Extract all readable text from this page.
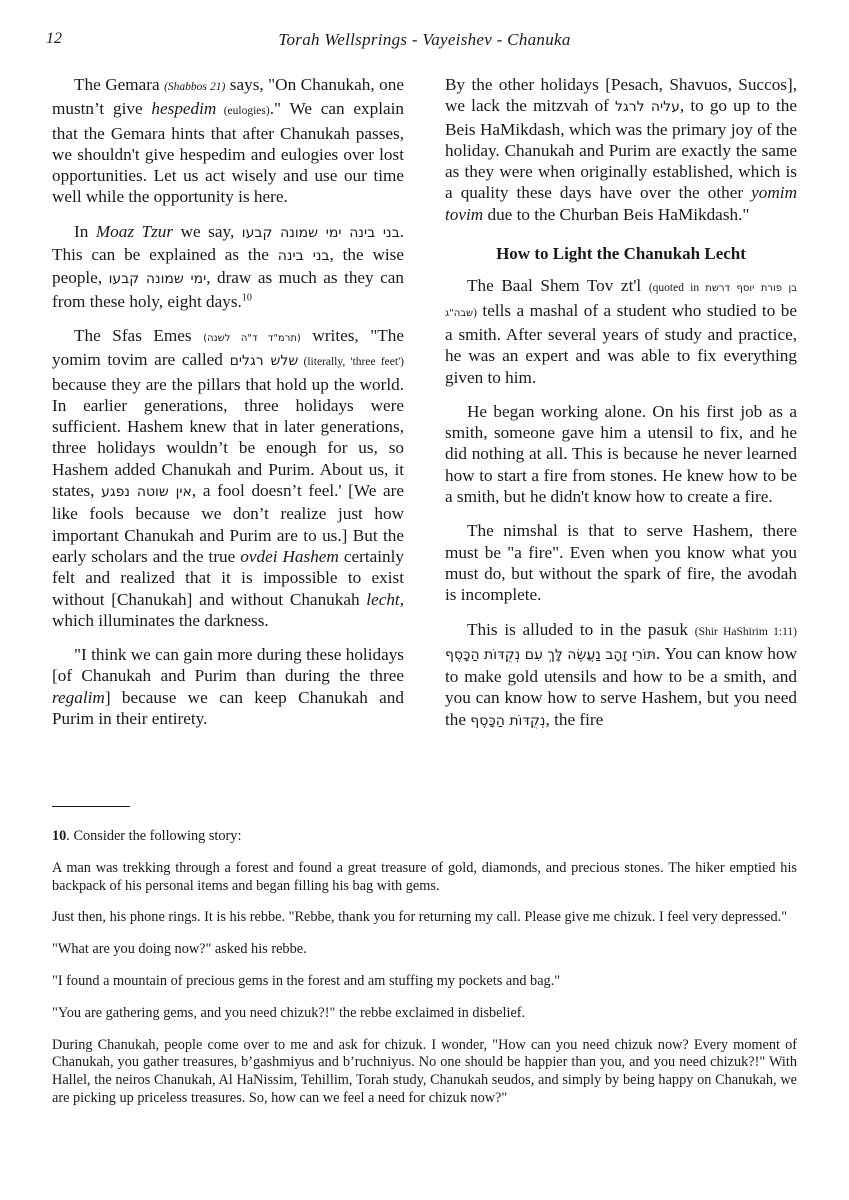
12	Torah Wellsprings - Vayeishev - Chanuka

The Gemara (Shabbos 21) says, "On Chanukah, one mustn’t give hespedim (eulogies)." We can explain that the Gemara hints that after Chanukah passes, we shouldn't give hespedim and eulogies over lost opportunities. Let us act wisely and use our time well while the opportunity is here.

In Moaz Tzur we say, בני בינה ימי שמונה קבעו. This can be explained as the בני בינה, the wise people, ימי שמונה קבעו, draw as much as they can from these holy, eight days.$^{10}$

The Sfas Emes (תרמ"ד ד"ה לשנה) writes, "The yomim tovim are called שלש רגלים (literally, 'three feet') because they are the pillars that hold up the world. In earlier generations, three holidays were sufficient. Hashem knew that in later generations, three holidays wouldn’t be enough for us, so Hashem added Chanukah and Purim. About us, it states, אין שוטה נפגע, a fool doesn’t feel.' [We are like fools because we don’t realize just how important Chanukah and Purim are to us.] But the early scholars and the true ovdei Hashem certainly felt and realized that it is impossible to exist without [Chanukah] and without Chanukah lecht, which illuminates the darkness.

"I think we can gain more during these holidays [of Chanukah and Purim than during the three regalim] because we can keep Chanukah and Purim in their entirety.

By the other holidays [Pesach, Shavuos, Succos], we lack the mitzvah of עליה לרגל, to go up to the Beis HaMikdash, which was the primary joy of the holiday. Chanukah and Purim are exactly the same as they were when originally established, which is a quality these days have over the other yomim tovim due to the Churban Beis HaMikdash."

How to Light the Chanukah Lecht

The Baal Shem Tov zt'l (quoted in בן פורת יוסף דרשת שבה"ג) tells a mashal of a student who studied to be a smith. After several years of study and practice, he was an expert and was able to fix everything given to him.

He began working alone. On his first job as a smith, someone gave him a utensil to fix, and he did nothing at all. This is because he never learned how to start a fire from stones. He knew how to be a smith, but he didn't know how to create a fire.

The nimshal is that to serve Hashem, there must be "a fire". Even when you know what you must do, but without the spark of fire, the avodah is incomplete.

This is alluded to in the pasuk (Shir HaShirim 1:11) תּוֹרֵי זָהָב נַעֲשֶׂה לָּךְ עִם נְקֻדּוֹת הַכָּסֶף. You can know how to make gold utensils and how to be a smith, and you can know how to serve Hashem, but you need the נְקֻדּוֹת הַכָּסֶף, the fire

10. Consider the following story:

A man was trekking through a forest and found a great treasure of gold, diamonds, and precious stones. The hiker emptied his backpack of his personal items and began filling his bag with gems.

Just then, his phone rings. It is his rebbe. "Rebbe, thank you for returning my call. Please give me chizuk. I feel very depressed."

"What are you doing now?" asked his rebbe.

"I found a mountain of precious gems in the forest and am stuffing my pockets and bag."

"You are gathering gems, and you need chizuk?!" the rebbe exclaimed in disbelief.

During Chanukah, people come over to me and ask for chizuk. I wonder, "How can you need chizuk now? Every moment of Chanukah, you gather treasures, b’gashmiyus and b’ruchniyus. No one should be happier than you, and you need chizuk?!" With Hallel, the neiros Chanukah, Al HaNissim, Tehillim, Torah study, Chanukah seudos, and simply by being happy on Chanukah, we are picking up priceless treasures. So, how can we feel a need for chizuk now?"
